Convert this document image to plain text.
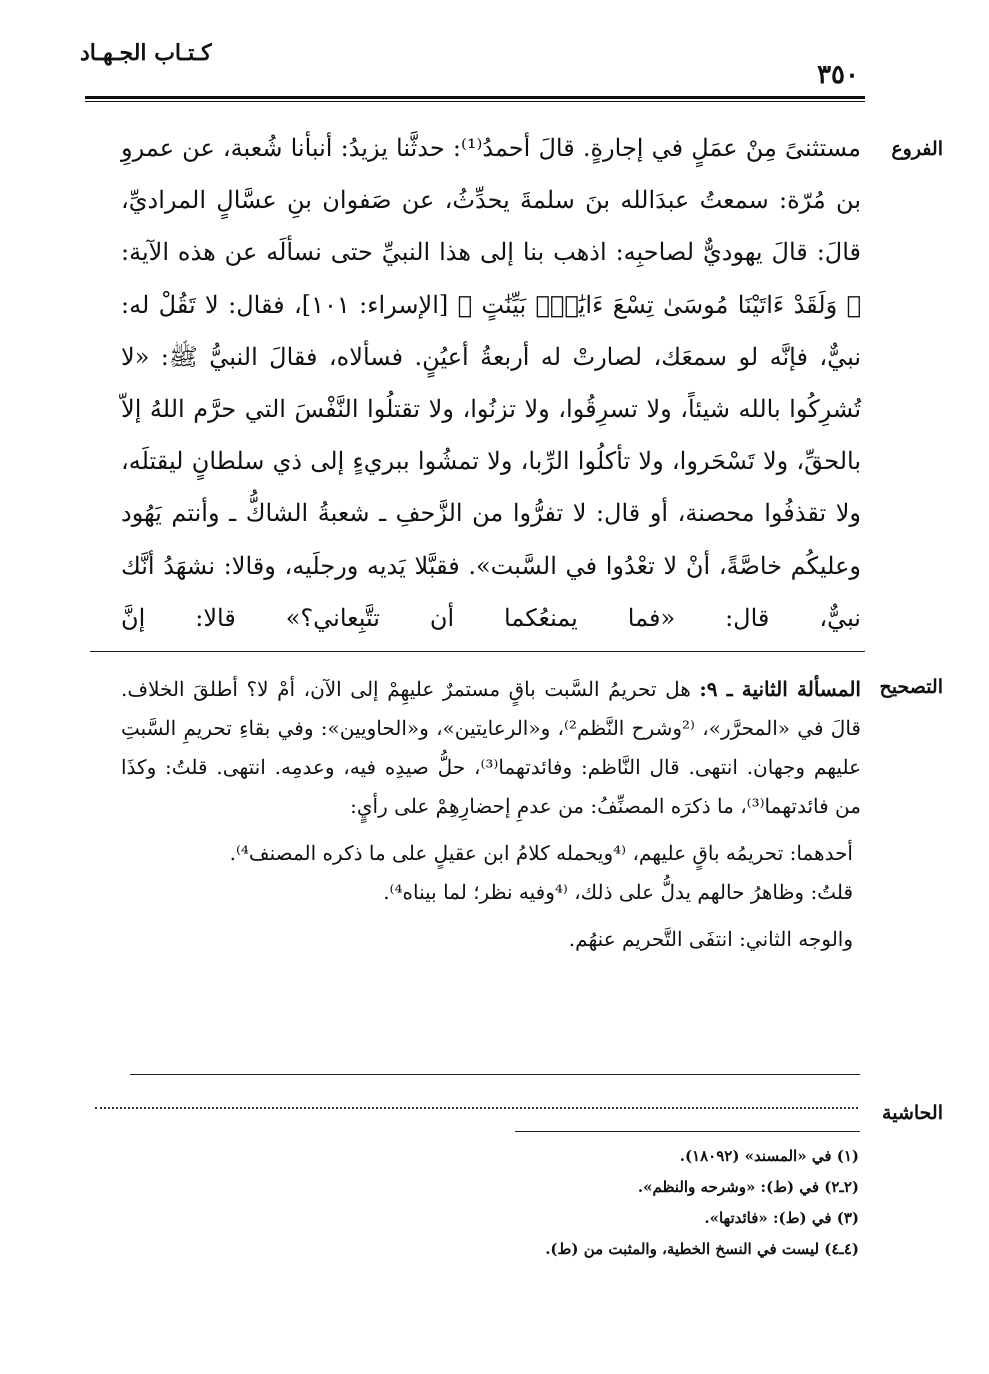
كـتـاب الجـهـاد
٣٥٠
الفروع

مستثنىً مِنْ عمَلٍ في إجارةٍ. قالَ أحمدُ⁽¹⁾: حدثَّنا يزيدُ: أنبأنا شُعبة، عن عمروِ بن مُرّة: سمعتُ عبدَالله بنَ سلمةَ يحدِّثُ، عن صَفوان بنِ عسَّالٍ المراديِّ، قالَ: قالَ يهوديٌّ لصاحبِه: اذهب بنا إلى هذا النبيِّ حتى نسألَه عن هذه الآية: ﴿ وَلَقَدْ ءَاتَيْنَا مُوسَىٰ تِسْعَ ءَايَٰتٍۭ بَيِّنَٰتٍ ﴾ [الإسراء: ١٠١]، فقال: لا تَقُلْ له: نبيٌّ، فإنَّه لو سمعَك، لصارتْ له أربعةُ أعيُنٍ. فسألاه، فقالَ النبيُّ ﷺ: «لا تُشرِكُوا بالله شيئاً، ولا تسرِقُوا، ولا تزنُوا، ولا تقتلُوا النَّفْسَ التي حرَّم اللهُ إلاّ بالحقِّ، ولا تَسْحَروا، ولا تأكلُوا الرِّبا، ولا تمشُوا ببريءٍ إلى ذي سلطانٍ ليقتلَه، ولا تقذفُوا محصنة، أو قال: لا تفرُّوا من الزَّحفِ ـ شعبةُ الشاكُّ ـ وأنتم يَهُود وعليكُم خاصَّةً، أنْ لا تعْدُوا في السَّبت». فقبَّلا يَديه ورجلَيه، وقالا: نشهَدُ أنَّك نبيٌّ، قال: «فما يمنعُكما أن تتَّبِعاني؟» قالا: إنَّ

التصحيح

المسألة الثانية ـ ٩: هل تحريمُ السَّبت باقٍ مستمرٌ عليهِمْ إلى الآن، أمْ لا؟ أطلقَ الخلاف. قالَ في «المحرَّر»، ⁽²وشرح النَّظم²⁾، و«الرعايتين»، و«الحاويين»: وفي بقاءِ تحريمِ السَّبتِ عليهم وجهان. انتهى. قال النَّاظم: وفائدتهما⁽³⁾، حلُّ صيدِه فيه، وعدمِه. انتهى. قلتُ: وكذَا من فائدتهما⁽³⁾، ما ذكرَه المصنِّفُ: من عدمِ إحضارِهِمْ على رأيٍ:

أحدهما: تحريمُه باقٍ عليهم، ⁽⁴ويحمله كلامُ ابن عقيلٍ على ما ذكره المصنف⁴⁾.

قلتُ: وظاهرُ حالهم يدلُّ على ذلك، ⁽⁴وفيه نظر؛ لما بيناه⁴⁾.

والوجه الثاني: انتفَى التَّحريم عنهُم.

الحاشية

(١) في «المسند» (١٨٠٩٢).

(٢ـ٢) في (ط): «وشرحه والنظم».

(٣) في (ط): «فائدتها».

(٤ـ٤) ليست في النسخ الخطية، والمثبت من (ط).
